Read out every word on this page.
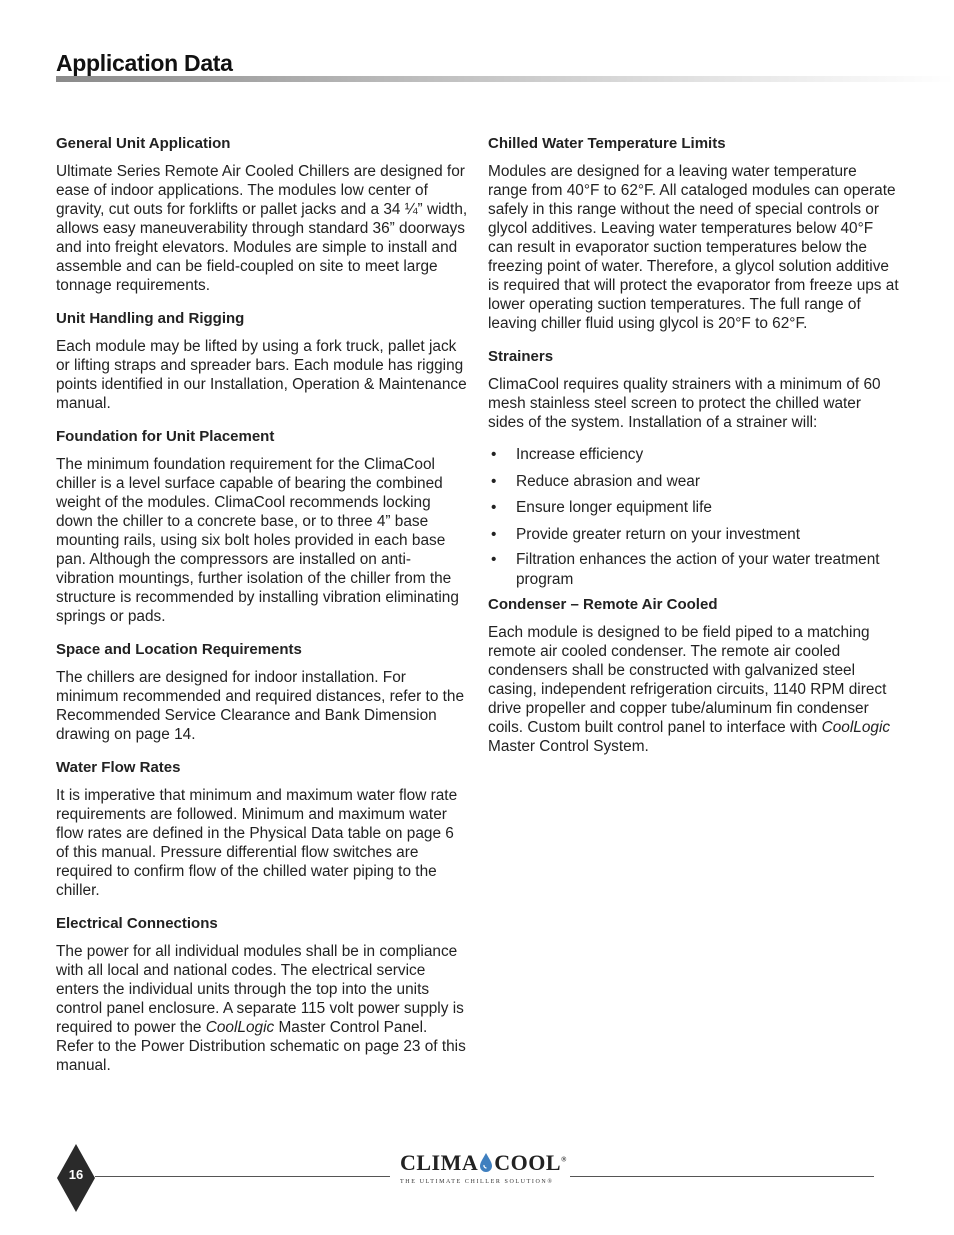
Application Data
General Unit Application

Ultimate Series Remote Air Cooled Chillers are designed for ease of indoor applications. The modules low center of gravity, cut outs for forklifts or pallet jacks and a 34 ¼” width, allows easy maneuverability through standard 36” doorways and into freight elevators. Modules are simple to install and assemble and can be field-coupled on site to meet large tonnage requirements.

Unit Handling and Rigging

Each module may be lifted by using a fork truck, pallet jack or lifting straps and spreader bars. Each module has rigging points identified in our Installation, Operation & Maintenance manual.

Foundation for Unit Placement

The minimum foundation requirement for the ClimaCool chiller is a level surface capable of bearing the combined weight of the modules. ClimaCool recommends locking down the chiller to a concrete base, or to three 4” base mounting rails, using six bolt holes provided in each base pan. Although the compressors are installed on anti-vibration mountings, further isolation of the chiller from the structure is recommended by installing vibration eliminating springs or pads.

Space and Location Requirements

The chillers are designed for indoor installation. For minimum recommended and required distances, refer to the Recommended Service Clearance and Bank Dimension drawing on page 14.

Water Flow Rates

It is imperative that minimum and maximum water flow rate requirements are followed. Minimum and maximum water flow rates are defined in the Physical Data table on page 6 of this manual. Pressure differential flow switches are required to confirm flow of the chilled water piping to the chiller.

Electrical Connections

The power for all individual modules shall be in compliance with all local and national codes. The electrical service enters the individual units through the top into the units control panel enclosure. A separate 115 volt power supply is required to power the CoolLogic Master Control Panel. Refer to the Power Distribution schematic on page 23 of this manual.

Chilled Water Temperature Limits

Modules are designed for a leaving water temperature range from 40°F to 62°F. All cataloged modules can operate safely in this range without the need of special controls or glycol additives. Leaving water temperatures below 40°F can result in evaporator suction temperatures below the freezing point of water. Therefore, a glycol solution additive is required that will protect the evaporator from freeze ups at lower operating suction temperatures. The full range of leaving chiller fluid using glycol is 20°F to 62°F.

Strainers

ClimaCool requires quality strainers with a minimum of 60 mesh stainless steel screen to protect the chilled water sides of the system. Installation of a strainer will:

• Increase efficiency
• Reduce abrasion and wear
• Ensure longer equipment life
• Provide greater return on your investment
• Filtration enhances the action of your water treatment program
Condenser – Remote Air Cooled

Each module is designed to be field piped to a matching remote air cooled condenser. The remote air cooled condensers shall be constructed with galvanized steel casing, independent refrigeration circuits, 1140 RPM direct drive propeller and copper tube/aluminum fin condenser coils. Custom built control panel to interface with CoolLogic Master Control System.

16	CLIMA COOL®
THE ULTIMATE CHILLER SOLUTION®
